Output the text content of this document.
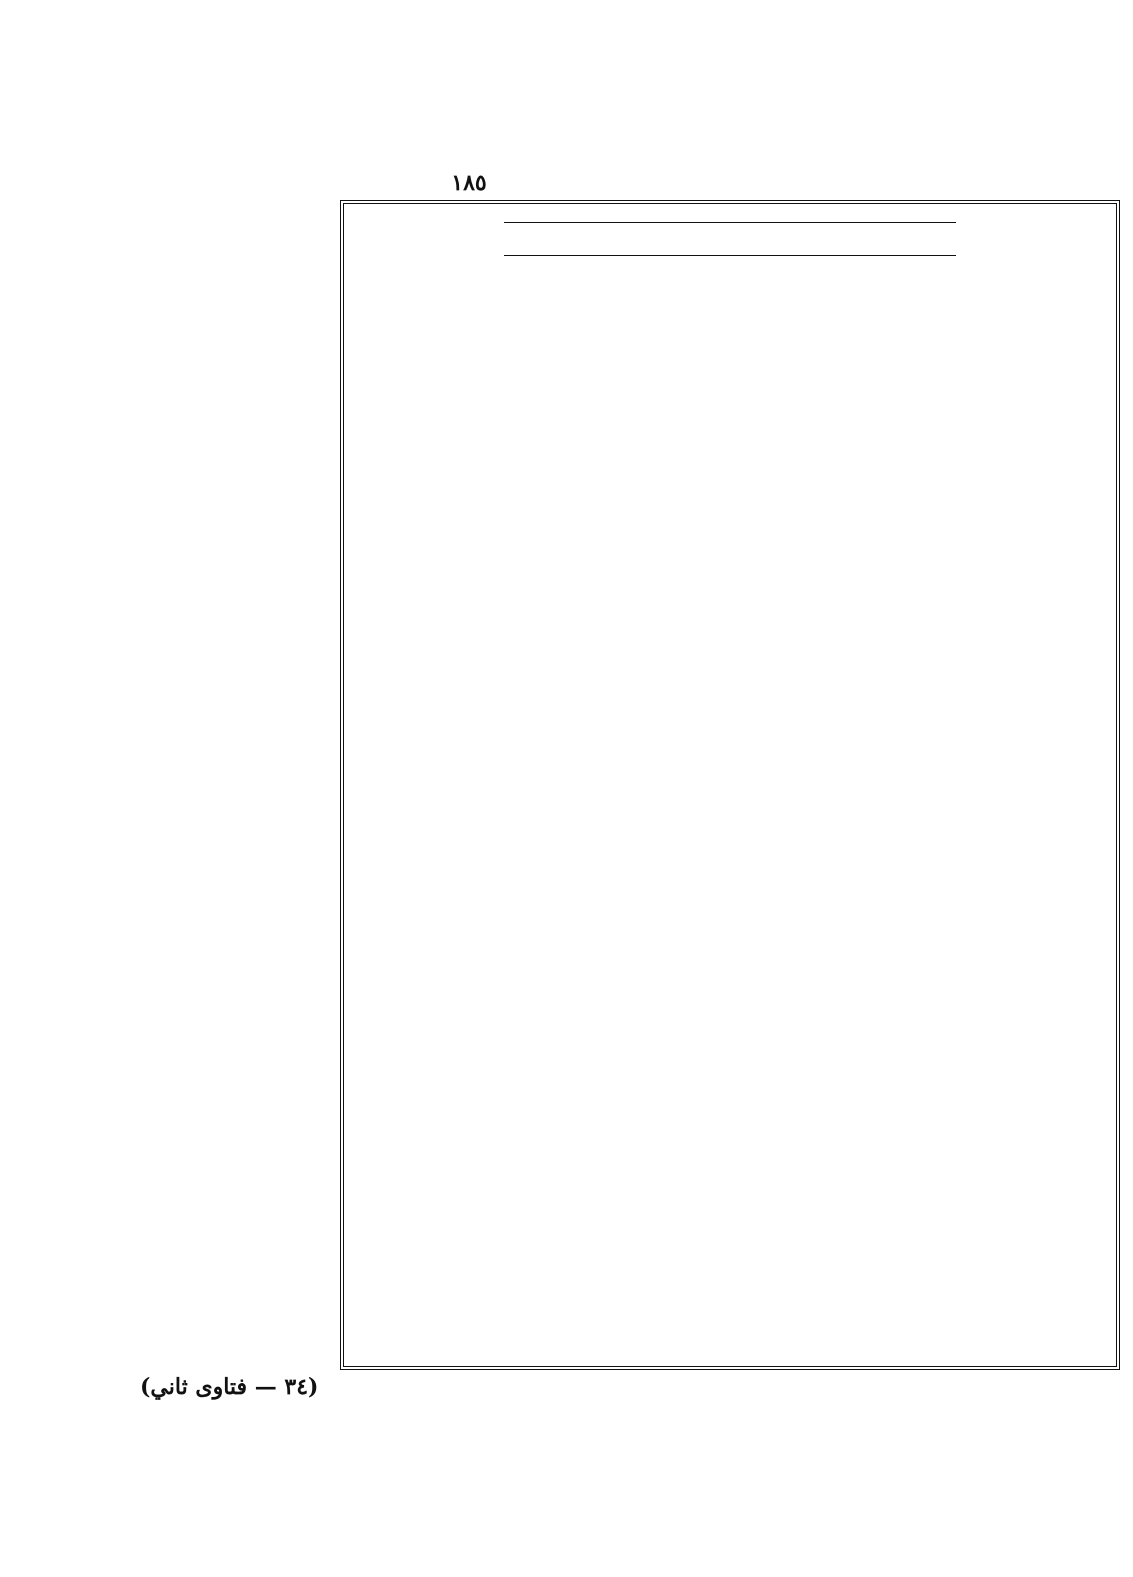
١٨٥
(٣٤ — فتاوى ثاني)
